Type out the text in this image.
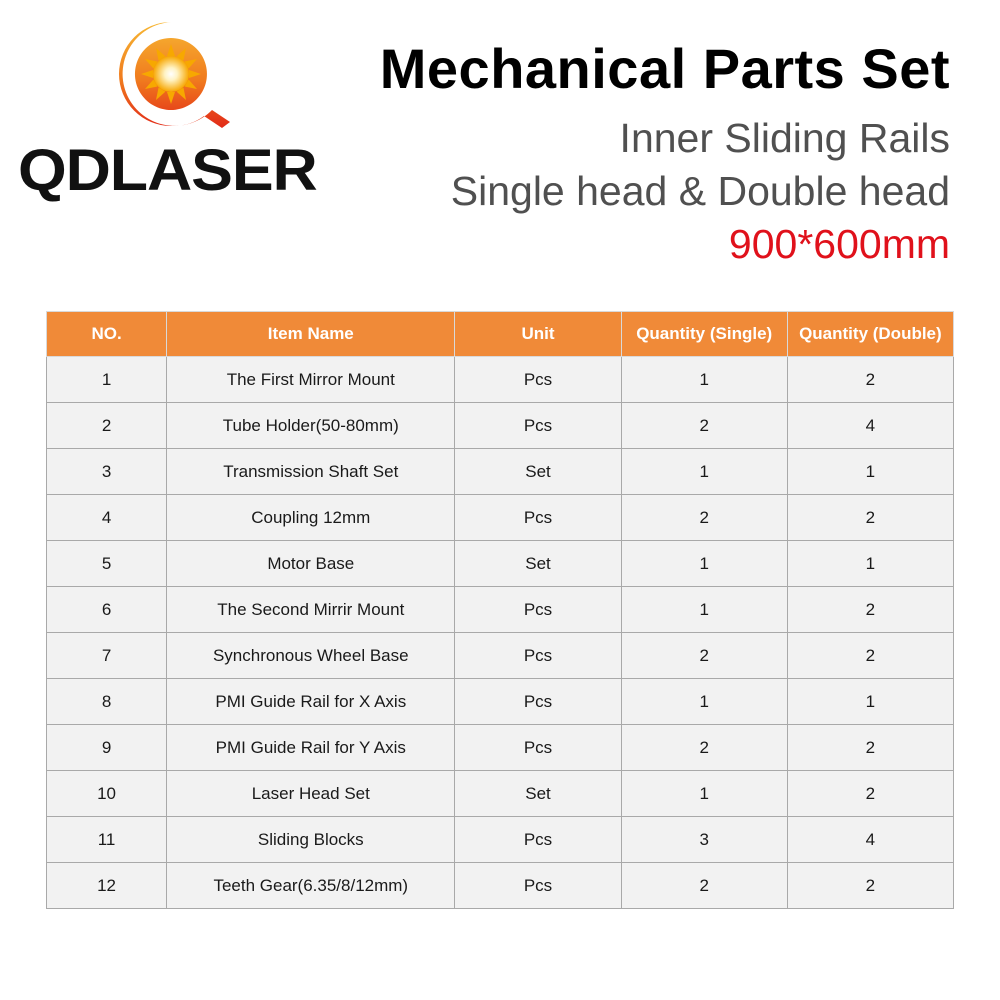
QDLASER
Mechanical Parts Set
Inner Sliding Rails
Single head & Double head
900*600mm
NO.	Item Name	Unit	Quantity (Single)	Quantity (Double)
1	The First Mirror Mount	Pcs	1	2
2	Tube Holder(50-80mm)	Pcs	2	4
3	Transmission Shaft Set	Set	1	1
4	Coupling 12mm	Pcs	2	2
5	Motor Base	Set	1	1
6	The Second Mirrir Mount	Pcs	1	2
7	Synchronous Wheel Base	Pcs	2	2
8	PMI Guide Rail for X Axis	Pcs	1	1
9	PMI Guide Rail for Y Axis	Pcs	2	2
10	Laser Head Set	Set	1	2
11	Sliding Blocks	Pcs	3	4
12	Teeth Gear(6.35/8/12mm)	Pcs	2	2
